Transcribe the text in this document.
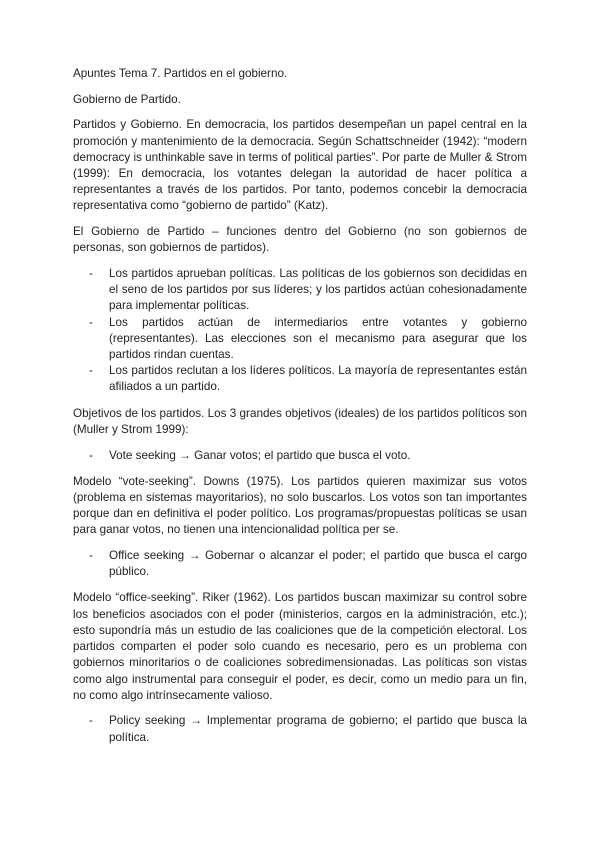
Apuntes Tema 7. Partidos en el gobierno.

Gobierno de Partido.

Partidos y Gobierno. En democracia, los partidos desempeñan un papel central en la promoción y mantenimiento de la democracia. Según Schattschneider (1942): “modern democracy is unthinkable save in terms of political parties”. Por parte de Muller & Strom (1999): En democracia, los votantes delegan la autoridad de hacer política a representantes a través de los partidos. Por tanto, podemos concebir la democracia representativa como “gobierno de partido” (Katz).

El Gobierno de Partido – funciones dentro del Gobierno (no son gobiernos de personas, son gobiernos de partidos).

- Los partidos aprueban políticas. Las políticas de los gobiernos son decididas en el seno de los partidos por sus líderes; y los partidos actúan cohesionadamente para implementar políticas.
- Los partidos actúan de intermediarios entre votantes y gobierno (representantes). Las elecciones son el mecanismo para asegurar que los partidos rindan cuentas.
- Los partidos reclutan a los líderes políticos. La mayoría de representantes están afiliados a un partido.

Objetivos de los partidos. Los 3 grandes objetivos (ideales) de los partidos políticos son (Muller y Strom 1999):

- Vote seeking → Ganar votos; el partido que busca el voto.

Modelo “vote-seeking”. Downs (1975). Los partidos quieren maximizar sus votos (problema en sistemas mayoritarios), no solo buscarlos. Los votos son tan importantes porque dan en definitiva el poder político. Los programas/propuestas políticas se usan para ganar votos, no tienen una intencionalidad política per se.

- Office seeking → Gobernar o alcanzar el poder; el partido que busca el cargo público.

Modelo “office-seeking”. Riker (1962). Los partidos buscan maximizar su control sobre los beneficios asociados con el poder (ministerios, cargos en la administración, etc.); esto supondría más un estudio de las coaliciones que de la competición electoral. Los partidos comparten el poder solo cuando es necesario, pero es un problema con gobiernos minoritarios o de coaliciones sobredimensionadas. Las políticas son vistas como algo instrumental para conseguir el poder, es decir, como un medio para un fin, no como algo intrínsecamente valioso.

- Policy seeking → Implementar programa de gobierno; el partido que busca la política.
